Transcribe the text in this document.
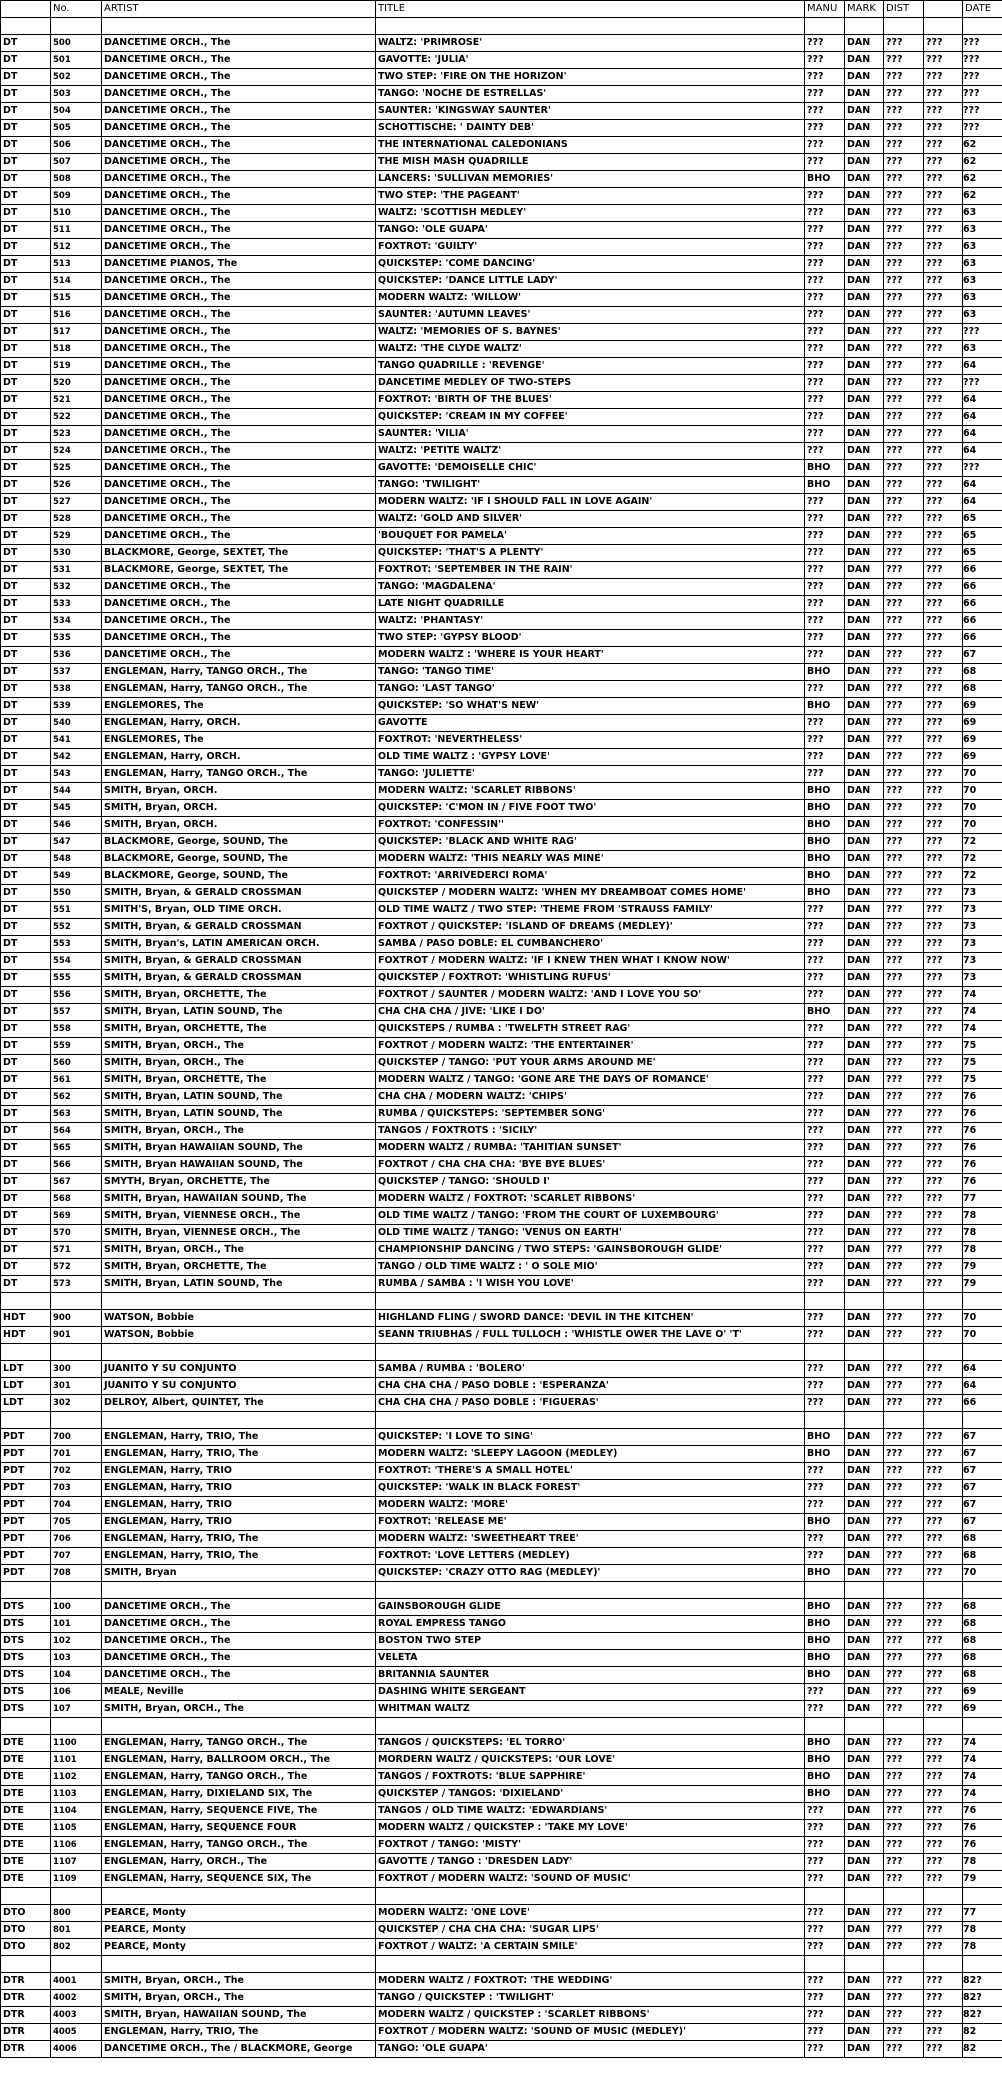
	No.	ARTIST	TITLE	MANU	MARK	DIST		DATE

DT	500	DANCETIME ORCH., The	WALTZ: 'PRIMROSE'	???	DAN	???	???	???
DT	501	DANCETIME ORCH., The	GAVOTTE: 'JULIA'	???	DAN	???	???	???
DT	502	DANCETIME ORCH., The	TWO STEP: 'FIRE ON THE HORIZON'	???	DAN	???	???	???
DT	503	DANCETIME ORCH., The	TANGO: 'NOCHE DE ESTRELLAS'	???	DAN	???	???	???
DT	504	DANCETIME ORCH., The	SAUNTER: 'KINGSWAY SAUNTER'	???	DAN	???	???	???
DT	505	DANCETIME ORCH., The	SCHOTTISCHE: ' DAINTY DEB'	???	DAN	???	???	???
DT	506	DANCETIME ORCH., The	THE INTERNATIONAL CALEDONIANS	???	DAN	???	???	62
DT	507	DANCETIME ORCH., The	THE MISH MASH QUADRILLE	???	DAN	???	???	62
DT	508	DANCETIME ORCH., The	LANCERS: 'SULLIVAN MEMORIES'	BHO	DAN	???	???	62
DT	509	DANCETIME ORCH., The	TWO STEP: 'THE PAGEANT'	???	DAN	???	???	62
DT	510	DANCETIME ORCH., The	WALTZ: 'SCOTTISH MEDLEY'	???	DAN	???	???	63
DT	511	DANCETIME ORCH., The	TANGO: 'OLE GUAPA'	???	DAN	???	???	63
DT	512	DANCETIME ORCH., The	FOXTROT: 'GUILTY'	???	DAN	???	???	63
DT	513	DANCETIME PIANOS, The	QUICKSTEP: 'COME DANCING'	???	DAN	???	???	63
DT	514	DANCETIME ORCH., The	QUICKSTEP: 'DANCE LITTLE LADY'	???	DAN	???	???	63
DT	515	DANCETIME ORCH., The	MODERN WALTZ: 'WILLOW'	???	DAN	???	???	63
DT	516	DANCETIME ORCH., The	SAUNTER: 'AUTUMN LEAVES'	???	DAN	???	???	63
DT	517	DANCETIME ORCH., The	WALTZ: 'MEMORIES OF S. BAYNES'	???	DAN	???	???	???
DT	518	DANCETIME ORCH., The	WALTZ: 'THE CLYDE WALTZ'	???	DAN	???	???	63
DT	519	DANCETIME ORCH., The	TANGO QUADRILLE : 'REVENGE'	???	DAN	???	???	64
DT	520	DANCETIME ORCH., The	DANCETIME MEDLEY OF TWO-STEPS	???	DAN	???	???	???
DT	521	DANCETIME ORCH., The	FOXTROT: 'BIRTH OF THE BLUES'	???	DAN	???	???	64
DT	522	DANCETIME ORCH., The	QUICKSTEP: 'CREAM IN MY COFFEE'	???	DAN	???	???	64
DT	523	DANCETIME ORCH., The	SAUNTER: 'VILIA'	???	DAN	???	???	64
DT	524	DANCETIME ORCH., The	WALTZ: 'PETITE WALTZ'	???	DAN	???	???	64
DT	525	DANCETIME ORCH., The	GAVOTTE: 'DEMOISELLE CHIC'	BHO	DAN	???	???	???
DT	526	DANCETIME ORCH., The	TANGO: 'TWILIGHT'	BHO	DAN	???	???	64
DT	527	DANCETIME ORCH., The	MODERN WALTZ: 'IF I SHOULD FALL IN LOVE AGAIN'	???	DAN	???	???	64
DT	528	DANCETIME ORCH., The	WALTZ: 'GOLD AND SILVER'	???	DAN	???	???	65
DT	529	DANCETIME ORCH., The	'BOUQUET FOR PAMELA'	???	DAN	???	???	65
DT	530	BLACKMORE, George, SEXTET, The	QUICKSTEP: 'THAT'S A PLENTY'	???	DAN	???	???	65
DT	531	BLACKMORE, George, SEXTET, The	FOXTROT: 'SEPTEMBER IN THE RAIN'	???	DAN	???	???	66
DT	532	DANCETIME ORCH., The	TANGO: 'MAGDALENA'	???	DAN	???	???	66
DT	533	DANCETIME ORCH., The	LATE NIGHT QUADRILLE	???	DAN	???	???	66
DT	534	DANCETIME ORCH., The	WALTZ: 'PHANTASY'	???	DAN	???	???	66
DT	535	DANCETIME ORCH., The	TWO STEP: 'GYPSY BLOOD'	???	DAN	???	???	66
DT	536	DANCETIME ORCH., The	MODERN WALTZ : 'WHERE IS YOUR HEART'	???	DAN	???	???	67
DT	537	ENGLEMAN, Harry, TANGO ORCH., The	TANGO: 'TANGO TIME'	BHO	DAN	???	???	68
DT	538	ENGLEMAN, Harry, TANGO ORCH., The	TANGO: 'LAST TANGO'	???	DAN	???	???	68
DT	539	ENGLEMORES, The	QUICKSTEP: 'SO WHAT'S NEW'	BHO	DAN	???	???	69
DT	540	ENGLEMAN, Harry, ORCH.	GAVOTTE	???	DAN	???	???	69
DT	541	ENGLEMORES, The	FOXTROT: 'NEVERTHELESS'	???	DAN	???	???	69
DT	542	ENGLEMAN, Harry, ORCH.	OLD TIME WALTZ : 'GYPSY LOVE'	???	DAN	???	???	69
DT	543	ENGLEMAN, Harry, TANGO ORCH., The	TANGO: 'JULIETTE'	???	DAN	???	???	70
DT	544	SMITH, Bryan, ORCH.	MODERN WALTZ: 'SCARLET RIBBONS'	BHO	DAN	???	???	70
DT	545	SMITH, Bryan, ORCH.	QUICKSTEP: 'C'MON IN / FIVE FOOT TWO'	BHO	DAN	???	???	70
DT	546	SMITH, Bryan, ORCH.	FOXTROT: 'CONFESSIN''	BHO	DAN	???	???	70
DT	547	BLACKMORE, George, SOUND, The	QUICKSTEP: 'BLACK AND WHITE RAG'	BHO	DAN	???	???	72
DT	548	BLACKMORE, George, SOUND, The	MODERN WALTZ: 'THIS NEARLY WAS MINE'	BHO	DAN	???	???	72
DT	549	BLACKMORE, George, SOUND, The	FOXTROT: 'ARRIVEDERCI ROMA'	BHO	DAN	???	???	72
DT	550	SMITH, Bryan, & GERALD CROSSMAN	QUICKSTEP / MODERN WALTZ: 'WHEN MY DREAMBOAT COMES HOME'	BHO	DAN	???	???	73
DT	551	SMITH'S, Bryan, OLD TIME ORCH.	OLD TIME WALTZ / TWO STEP: 'THEME FROM 'STRAUSS FAMILY'	???	DAN	???	???	73
DT	552	SMITH, Bryan, & GERALD CROSSMAN	FOXTROT / QUICKSTEP: 'ISLAND OF DREAMS (MEDLEY)'	???	DAN	???	???	73
DT	553	SMITH, Bryan's, LATIN AMERICAN ORCH.	SAMBA / PASO DOBLE: EL CUMBANCHERO'	???	DAN	???	???	73
DT	554	SMITH, Bryan, & GERALD CROSSMAN	FOXTROT / MODERN WALTZ: 'IF I KNEW THEN WHAT I KNOW NOW'	???	DAN	???	???	73
DT	555	SMITH, Bryan, & GERALD CROSSMAN	QUICKSTEP / FOXTROT: 'WHISTLING RUFUS'	???	DAN	???	???	73
DT	556	SMITH, Bryan, ORCHETTE, The	FOXTROT / SAUNTER / MODERN WALTZ: 'AND I LOVE YOU SO'	???	DAN	???	???	74
DT	557	SMITH, Bryan, LATIN SOUND, The	CHA CHA CHA / JIVE: 'LIKE I DO'	BHO	DAN	???	???	74
DT	558	SMITH, Bryan, ORCHETTE, The	QUICKSTEPS / RUMBA : 'TWELFTH STREET RAG'	???	DAN	???	???	74
DT	559	SMITH, Bryan, ORCH., The	FOXTROT / MODERN WALTZ: 'THE ENTERTAINER'	???	DAN	???	???	75
DT	560	SMITH, Bryan, ORCH., The	QUICKSTEP / TANGO: 'PUT YOUR ARMS AROUND ME'	???	DAN	???	???	75
DT	561	SMITH, Bryan, ORCHETTE, The	MODERN WALTZ / TANGO: 'GONE ARE THE DAYS OF ROMANCE'	???	DAN	???	???	75
DT	562	SMITH, Bryan, LATIN SOUND, The	CHA CHA / MODERN WALTZ: 'CHIPS'	???	DAN	???	???	76
DT	563	SMITH, Bryan, LATIN SOUND, The	RUMBA / QUICKSTEPS: 'SEPTEMBER SONG'	???	DAN	???	???	76
DT	564	SMITH, Bryan, ORCH., The	TANGOS / FOXTROTS : 'SICILY'	???	DAN	???	???	76
DT	565	SMITH, Bryan HAWAIIAN SOUND, The	MODERN WALTZ / RUMBA: 'TAHITIAN SUNSET'	???	DAN	???	???	76
DT	566	SMITH, Bryan HAWAIIAN SOUND, The	FOXTROT / CHA CHA CHA: 'BYE BYE BLUES'	???	DAN	???	???	76
DT	567	SMYTH, Bryan, ORCHETTE, The	QUICKSTEP / TANGO: 'SHOULD I'	???	DAN	???	???	76
DT	568	SMITH, Bryan, HAWAIIAN SOUND, The	MODERN WALTZ / FOXTROT: 'SCARLET RIBBONS'	???	DAN	???	???	77
DT	569	SMITH, Bryan, VIENNESE ORCH., The	OLD TIME WALTZ / TANGO: 'FROM THE COURT OF LUXEMBOURG'	???	DAN	???	???	78
DT	570	SMITH, Bryan, VIENNESE ORCH., The	OLD TIME WALTZ / TANGO: 'VENUS ON EARTH'	???	DAN	???	???	78
DT	571	SMITH, Bryan, ORCH., The	CHAMPIONSHIP DANCING / TWO STEPS: 'GAINSBOROUGH GLIDE'	???	DAN	???	???	78
DT	572	SMITH, Bryan, ORCHETTE, The	TANGO / OLD TIME WALTZ : ' O SOLE MIO'	???	DAN	???	???	79
DT	573	SMITH, Bryan, LATIN SOUND, The	RUMBA / SAMBA : 'I WISH YOU LOVE'	???	DAN	???	???	79

HDT	900	WATSON, Bobbie	HIGHLAND FLING / SWORD DANCE: 'DEVIL IN THE KITCHEN'	???	DAN	???	???	70
HDT	901	WATSON, Bobbie	SEANN TRIUBHAS / FULL TULLOCH : 'WHISTLE OWER THE LAVE O' 'T'	???	DAN	???	???	70

LDT	300	JUANITO Y SU CONJUNTO	SAMBA / RUMBA : 'BOLERO'	???	DAN	???	???	64
LDT	301	JUANITO Y SU CONJUNTO	CHA CHA CHA / PASO DOBLE : 'ESPERANZA'	???	DAN	???	???	64
LDT	302	DELROY, Albert, QUINTET, The	CHA CHA CHA / PASO DOBLE : 'FIGUERAS'	???	DAN	???	???	66

PDT	700	ENGLEMAN, Harry, TRIO, The	QUICKSTEP: 'I LOVE TO SING'	BHO	DAN	???	???	67
PDT	701	ENGLEMAN, Harry, TRIO, The	MODERN WALTZ: 'SLEEPY LAGOON (MEDLEY)	BHO	DAN	???	???	67
PDT	702	ENGLEMAN, Harry, TRIO	FOXTROT: 'THERE'S A SMALL HOTEL'	???	DAN	???	???	67
PDT	703	ENGLEMAN, Harry, TRIO	QUICKSTEP: 'WALK IN BLACK FOREST'	???	DAN	???	???	67
PDT	704	ENGLEMAN, Harry, TRIO	MODERN WALTZ: 'MORE'	???	DAN	???	???	67
PDT	705	ENGLEMAN, Harry, TRIO	FOXTROT: 'RELEASE ME'	BHO	DAN	???	???	67
PDT	706	ENGLEMAN, Harry, TRIO, The	MODERN WALTZ: 'SWEETHEART TREE'	???	DAN	???	???	68
PDT	707	ENGLEMAN, Harry, TRIO, The	FOXTROT: 'LOVE LETTERS (MEDLEY)	???	DAN	???	???	68
PDT	708	SMITH, Bryan	QUICKSTEP: 'CRAZY OTTO RAG (MEDLEY)'	BHO	DAN	???	???	70

DTS	100	DANCETIME ORCH., The	GAINSBOROUGH GLIDE	BHO	DAN	???	???	68
DTS	101	DANCETIME ORCH., The	ROYAL EMPRESS TANGO	BHO	DAN	???	???	68
DTS	102	DANCETIME ORCH., The	BOSTON TWO STEP	BHO	DAN	???	???	68
DTS	103	DANCETIME ORCH., The	VELETA	BHO	DAN	???	???	68
DTS	104	DANCETIME ORCH., The	BRITANNIA SAUNTER	BHO	DAN	???	???	68
DTS	106	MEALE, Neville	DASHING WHITE SERGEANT	???	DAN	???	???	69
DTS	107	SMITH, Bryan, ORCH., The	WHITMAN WALTZ	???	DAN	???	???	69

DTE	1100	ENGLEMAN, Harry, TANGO ORCH., The	TANGOS / QUICKSTEPS: 'EL TORRO'	BHO	DAN	???	???	74
DTE	1101	ENGLEMAN, Harry, BALLROOM ORCH., The	MORDERN WALTZ / QUICKSTEPS: 'OUR LOVE'	BHO	DAN	???	???	74
DTE	1102	ENGLEMAN, Harry, TANGO ORCH., The	TANGOS / FOXTROTS: 'BLUE SAPPHIRE'	BHO	DAN	???	???	74
DTE	1103	ENGLEMAN, Harry, DIXIELAND SIX, The	QUICKSTEP / TANGOS: 'DIXIELAND'	BHO	DAN	???	???	74
DTE	1104	ENGLEMAN, Harry, SEQUENCE FIVE, The	TANGOS / OLD TIME WALTZ: 'EDWARDIANS'	???	DAN	???	???	76
DTE	1105	ENGLEMAN, Harry, SEQUENCE FOUR	MODERN WALTZ / QUICKSTEP : 'TAKE MY LOVE'	???	DAN	???	???	76
DTE	1106	ENGLEMAN, Harry, TANGO ORCH., The	FOXTROT / TANGO: 'MISTY'	???	DAN	???	???	76
DTE	1107	ENGLEMAN, Harry, ORCH., The	GAVOTTE / TANGO : 'DRESDEN LADY'	???	DAN	???	???	78
DTE	1109	ENGLEMAN, Harry, SEQUENCE SIX, The	FOXTROT / MODERN WALTZ: 'SOUND OF MUSIC'	???	DAN	???	???	79

DTO	800	PEARCE, Monty	MODERN WALTZ: 'ONE LOVE'	???	DAN	???	???	77
DTO	801	PEARCE, Monty	QUICKSTEP / CHA CHA CHA: 'SUGAR LIPS'	???	DAN	???	???	78
DTO	802	PEARCE, Monty	FOXTROT / WALTZ: 'A CERTAIN SMILE'	???	DAN	???	???	78

DTR	4001	SMITH, Bryan, ORCH., The	MODERN WALTZ / FOXTROT: 'THE WEDDING'	???	DAN	???	???	82?
DTR	4002	SMITH, Bryan, ORCH., The	TANGO / QUICKSTEP : 'TWILIGHT'	???	DAN	???	???	82?
DTR	4003	SMITH, Bryan, HAWAIIAN SOUND, The	MODERN WALTZ / QUICKSTEP : 'SCARLET RIBBONS'	???	DAN	???	???	82?
DTR	4005	ENGLEMAN, Harry, TRIO, The	FOXTROT / MODERN WALTZ: 'SOUND OF MUSIC (MEDLEY)'	???	DAN	???	???	82
DTR	4006	DANCETIME ORCH., The / BLACKMORE, George	TANGO: 'OLE GUAPA'	???	DAN	???	???	82
